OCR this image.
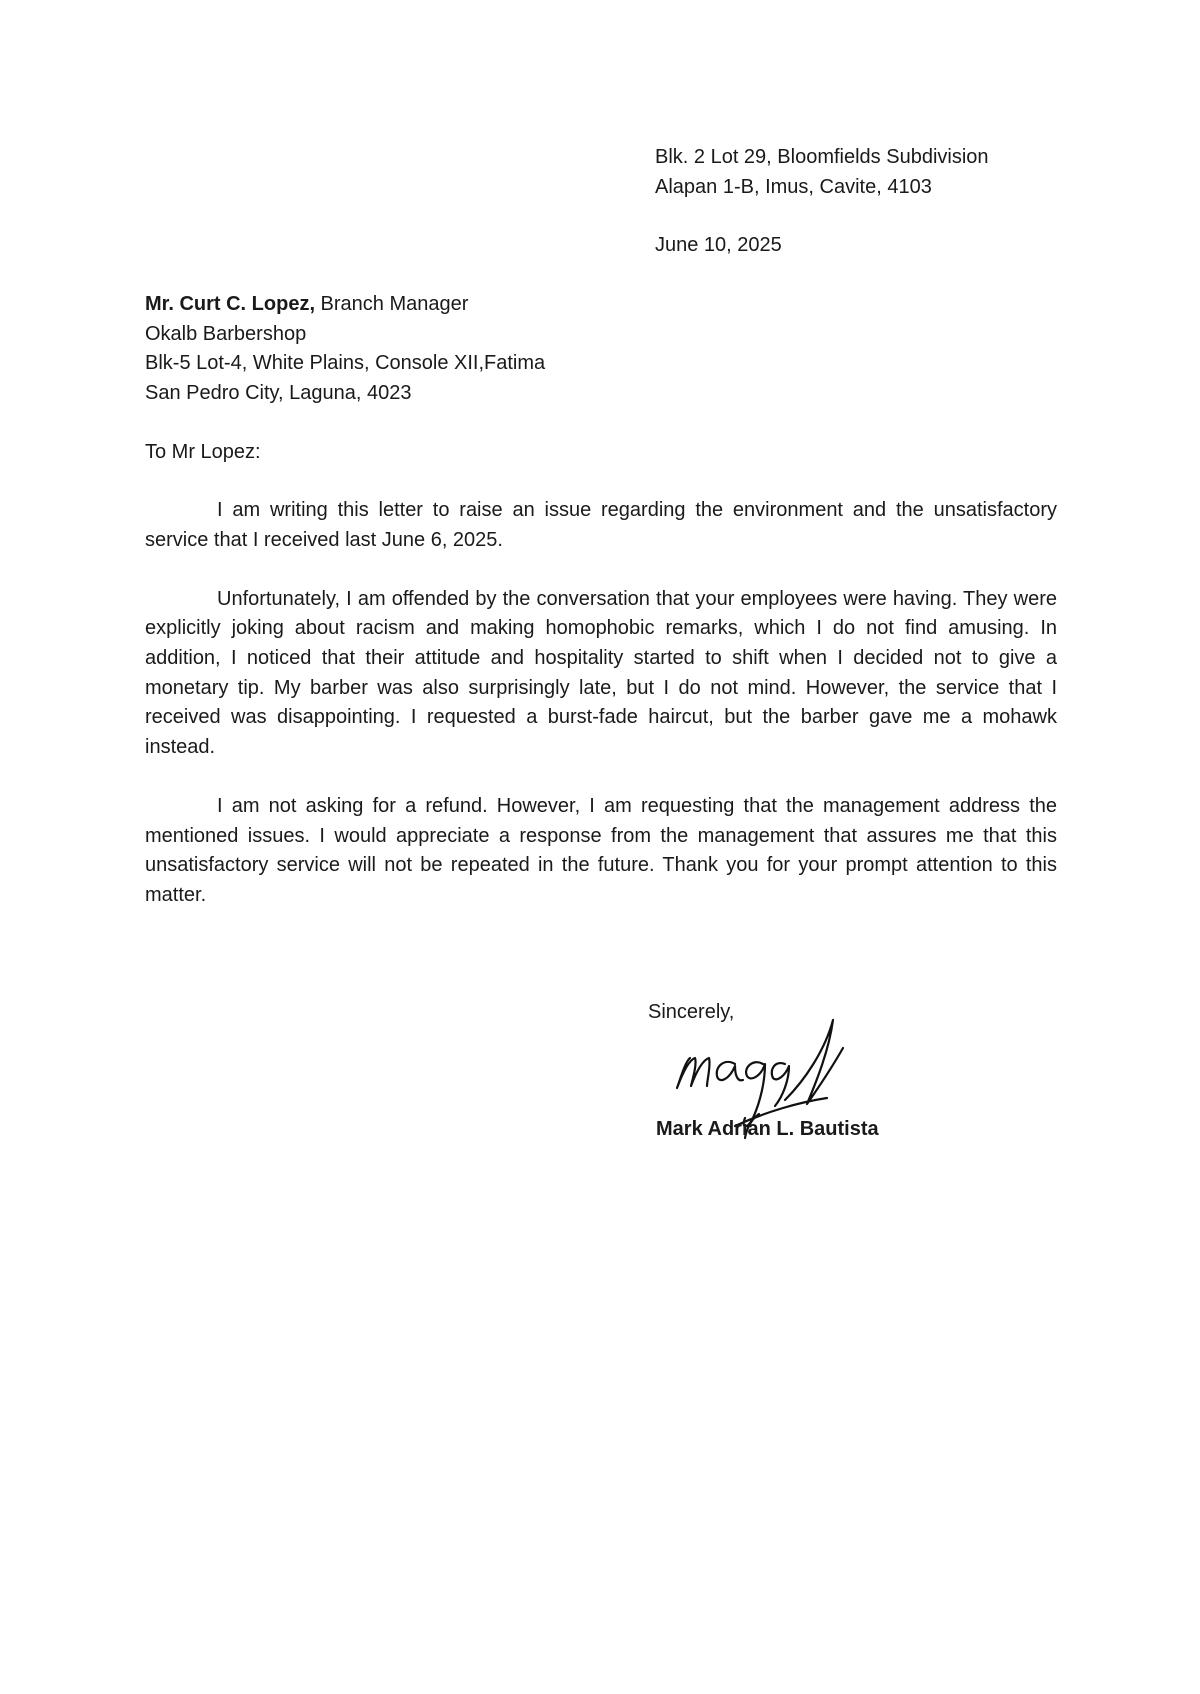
Blk. 2 Lot 29, Bloomfields Subdivision
Alapan 1-B, Imus, Cavite, 4103
June 10, 2025
Mr. Curt C. Lopez, Branch Manager
Okalb Barbershop
Blk-5 Lot-4, White Plains, Console XII,Fatima
San Pedro City, Laguna, 4023
To Mr Lopez:

I am writing this letter to raise an issue regarding the environment and the unsatisfactory service that I received last June 6, 2025.

Unfortunately, I am offended by the conversation that your employees were having. They were explicitly joking about racism and making homophobic remarks, which I do not find amusing. In addition, I noticed that their attitude and hospitality started to shift when I decided not to give a monetary tip. My barber was also surprisingly late, but I do not mind. However, the service that I received was disappointing. I requested a burst-fade haircut, but the barber gave me a mohawk instead.

I am not asking for a refund. However, I am requesting that the management address the mentioned issues. I would appreciate a response from the management that assures me that this unsatisfactory service will not be repeated in the future. Thank you for your prompt attention to this matter.

Sincerely,
Mark Adrian L. Bautista
